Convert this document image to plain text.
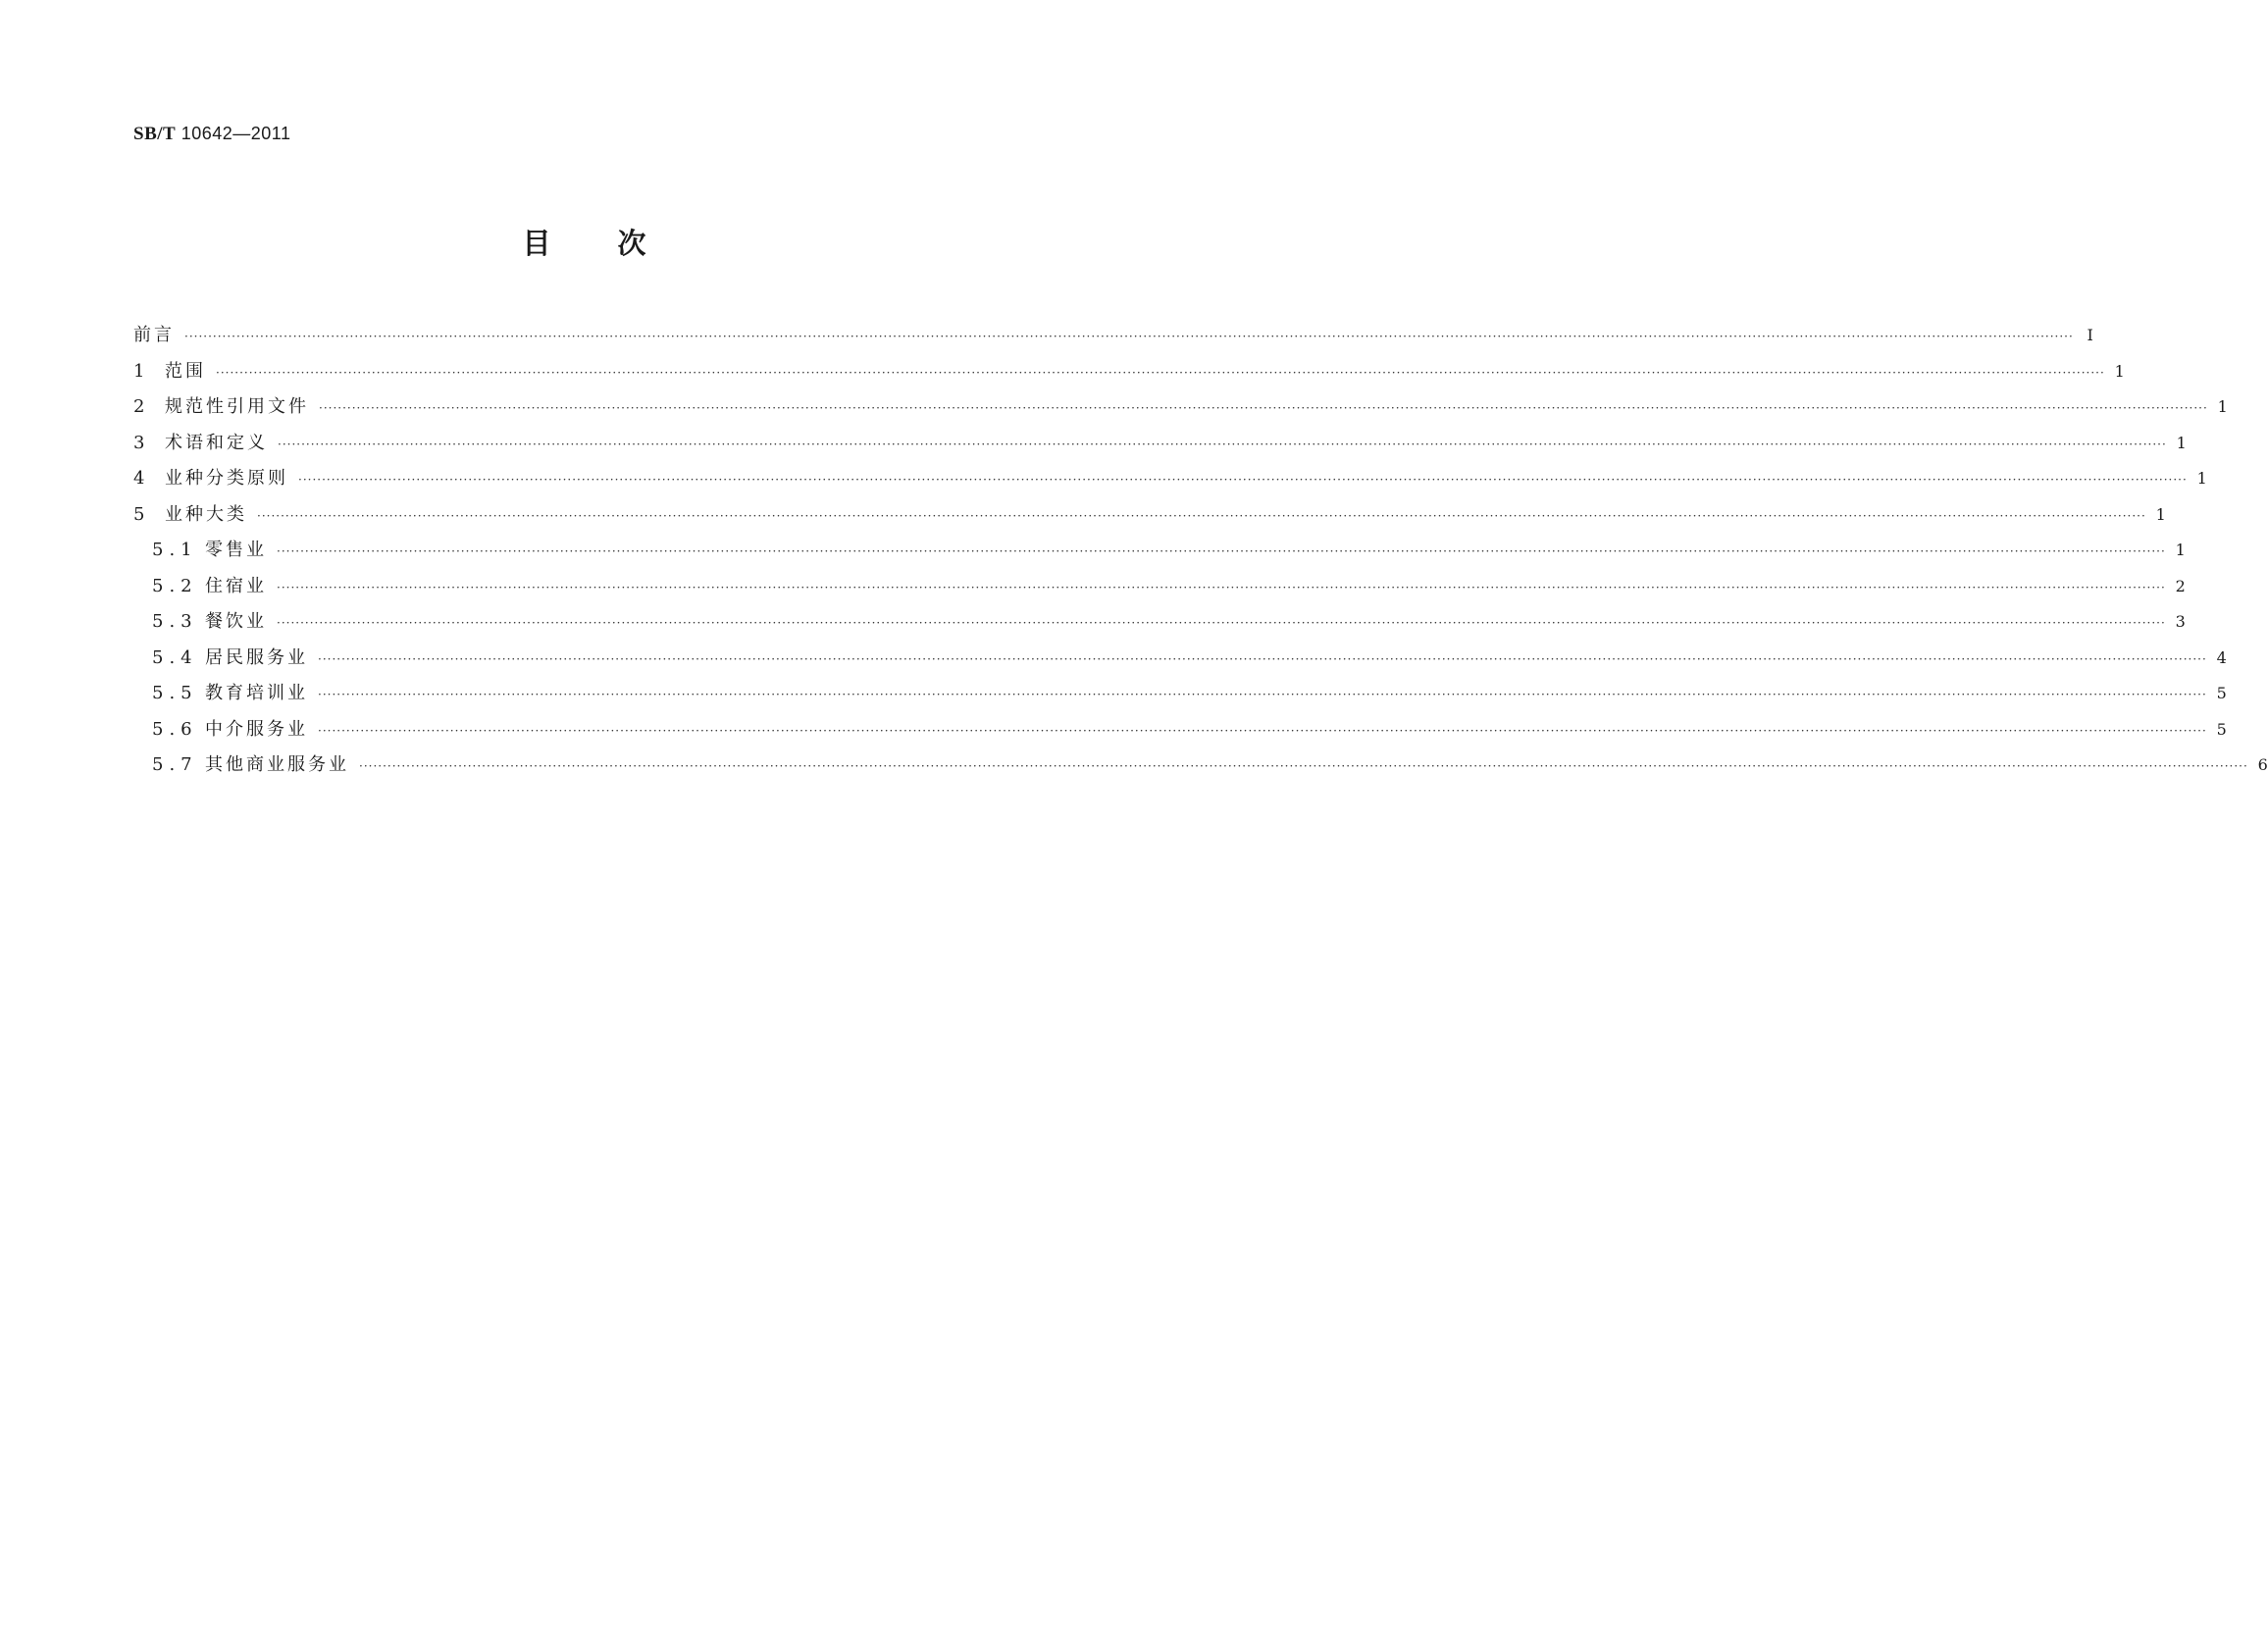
SB/T 10642—2011
目次
前言 ················································································································································································································································································································································································································ Ⅰ
1	范围 ················································································································································································································································································································································································································ 1
2	规范性引用文件 ················································································································································································································································································································································································································ 1
3	术语和定义 ················································································································································································································································································································································································································ 1
4	业种分类原则 ················································································································································································································································································································································································································ 1
5	业种大类 ················································································································································································································································································································································································································ 1
5.1 零售业 ················································································································································································································································································································································································································ 1
5.2 住宿业 ················································································································································································································································································································································································································ 2
5.3 餐饮业 ················································································································································································································································································································································································································ 3
5.4 居民服务业 ················································································································································································································································································································································································································ 4
5.5 教育培训业 ················································································································································································································································································································································································································ 5
5.6 中介服务业 ················································································································································································································································································································································································································ 5
5.7 其他商业服务业 ················································································································································································································································································································································································································ 6
